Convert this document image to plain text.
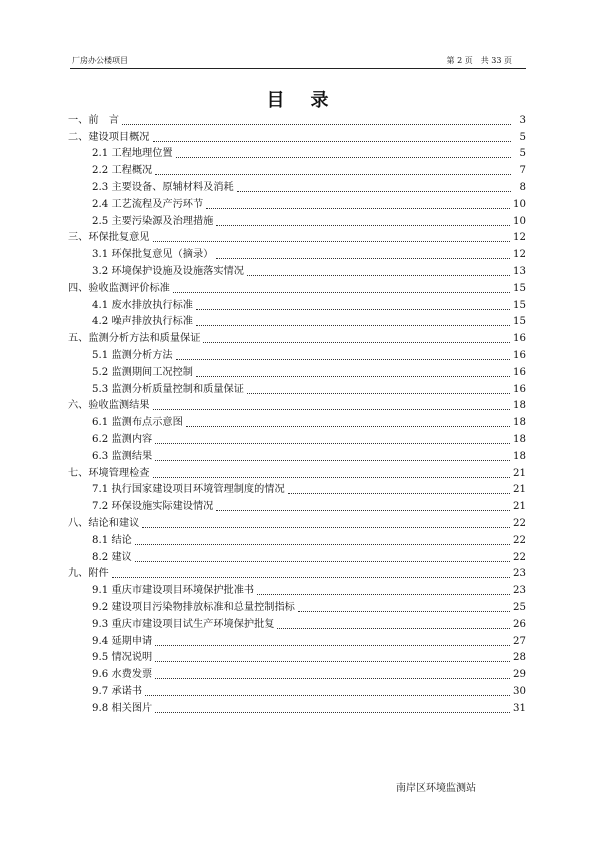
厂房办公楼项目	第 2 页　共 33 页
目录
一、前　言	3
二、建设项目概况	5
2.1 工程地理位置	5
2.2 工程概况	7
2.3 主要设备、原辅材料及消耗	8
2.4 工艺流程及产污环节	10
2.5 主要污染源及治理措施	10
三、环保批复意见	12
3.1 环保批复意见（摘录）	12
3.2 环境保护设施及设施落实情况	13
四、验收监测评价标准	15
4.1 废水排放执行标准	15
4.2 噪声排放执行标准	15
五、监测分析方法和质量保证	16
5.1 监测分析方法	16
5.2 监测期间工况控制	16
5.3 监测分析质量控制和质量保证	16
六、验收监测结果	18
6.1 监测布点示意图	18
6.2 监测内容	18
6.3 监测结果	18
七、环境管理检查	21
7.1 执行国家建设项目环境管理制度的情况	21
7.2 环保设施实际建设情况	21
八、结论和建议	22
8.1 结论	22
8.2 建议	22
九、附件	23
9.1 重庆市建设项目环境保护批准书	23
9.2 建设项目污染物排放标准和总量控制指标	25
9.3 重庆市建设项目试生产环境保护批复	26
9.4 延期申请	27
9.5 情况说明	28
9.6 水费发票	29
9.7 承诺书	30
9.8 相关图片	31
南岸区环境监测站
